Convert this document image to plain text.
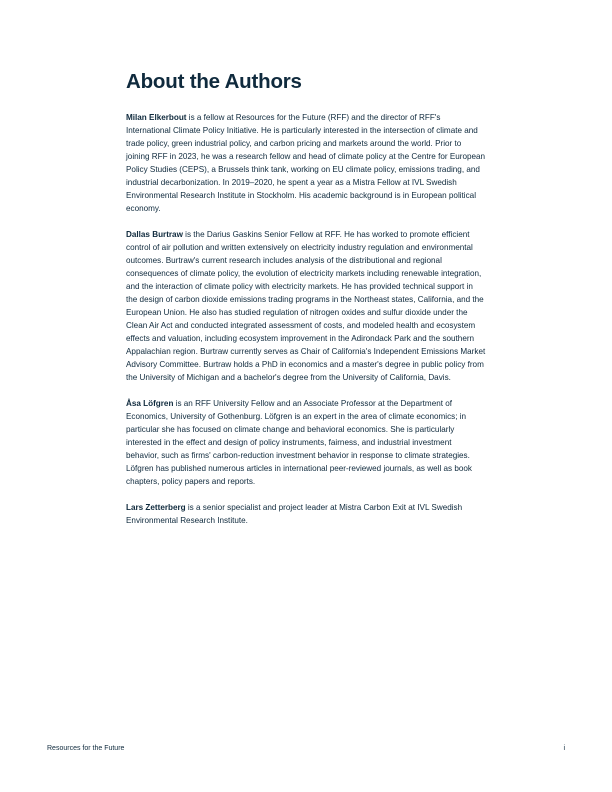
About the Authors

Milan Elkerbout is a fellow at Resources for the Future (RFF) and the director of RFF's International Climate Policy Initiative. He is particularly interested in the intersection of climate and trade policy, green industrial policy, and carbon pricing and markets around the world. Prior to joining RFF in 2023, he was a research fellow and head of climate policy at the Centre for European Policy Studies (CEPS), a Brussels think tank, working on EU climate policy, emissions trading, and industrial decarbonization. In 2019–2020, he spent a year as a Mistra Fellow at IVL Swedish Environmental Research Institute in Stockholm. His academic background is in European political economy.

Dallas Burtraw is the Darius Gaskins Senior Fellow at RFF. He has worked to promote efficient control of air pollution and written extensively on electricity industry regulation and environmental outcomes. Burtraw's current research includes analysis of the distributional and regional consequences of climate policy, the evolution of electricity markets including renewable integration, and the interaction of climate policy with electricity markets. He has provided technical support in the design of carbon dioxide emissions trading programs in the Northeast states, California, and the European Union. He also has studied regulation of nitrogen oxides and sulfur dioxide under the Clean Air Act and conducted integrated assessment of costs, and modeled health and ecosystem effects and valuation, including ecosystem improvement in the Adirondack Park and the southern Appalachian region. Burtraw currently serves as Chair of California's Independent Emissions Market Advisory Committee. Burtraw holds a PhD in economics and a master's degree in public policy from the University of Michigan and a bachelor's degree from the University of California, Davis.

Åsa Löfgren is an RFF University Fellow and an Associate Professor at the Department of Economics, University of Gothenburg. Löfgren is an expert in the area of climate economics; in particular she has focused on climate change and behavioral economics. She is particularly interested in the effect and design of policy instruments, fairness, and industrial investment behavior, such as firms' carbon-reduction investment behavior in response to climate strategies. Löfgren has published numerous articles in international peer-reviewed journals, as well as book chapters, policy papers and reports.

Lars Zetterberg is a senior specialist and project leader at Mistra Carbon Exit at IVL Swedish Environmental Research Institute.

Resources for the Future	i
